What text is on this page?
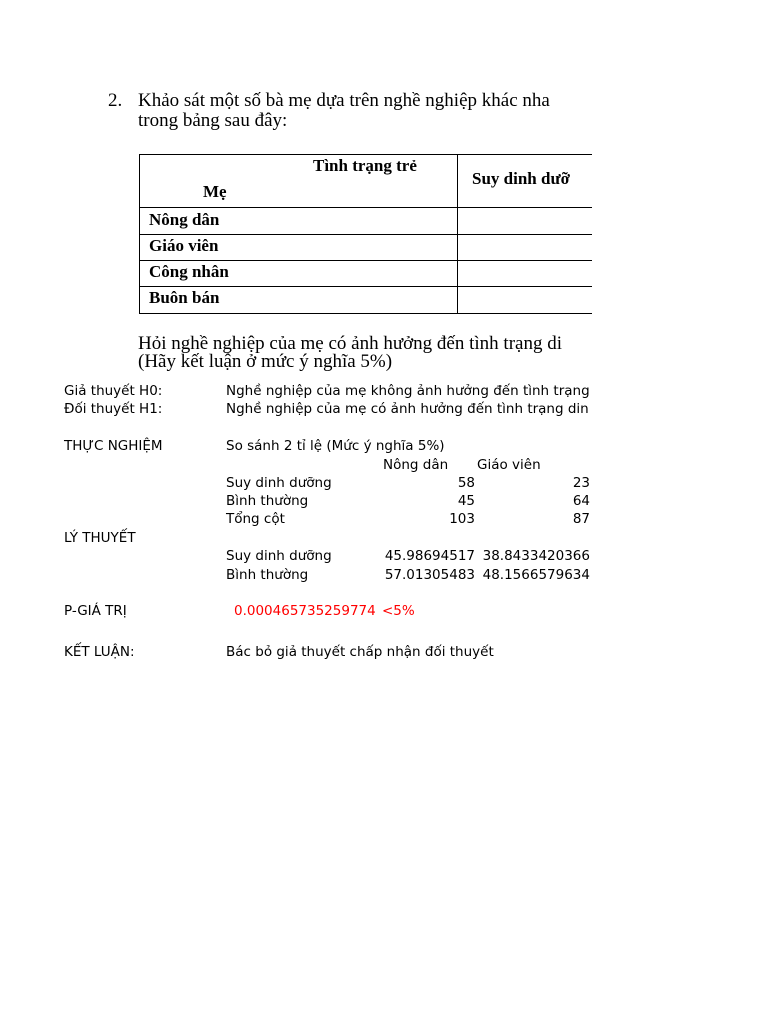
2. Khảo sát một số bà mẹ dựa trên nghề nghiệp khác nha
trong bảng sau đây:
Tình trạng trẻ
Mẹ
Suy dinh dưỡ
Nông dân
Giáo viên
Công nhân
Buôn bán
Hỏi nghề nghiệp của mẹ có ảnh hưởng đến tình trạng di
(Hãy kết luận ở mức ý nghĩa 5%)
Giả thuyết H0:	Nghề nghiệp của mẹ không ảnh hưởng đến tình trạng
Đối thuyết H1:	Nghề nghiệp của mẹ có ảnh hưởng đến tình trạng din
THỰC NGHIỆM	So sánh 2 tỉ lệ (Mức ý nghĩa 5%)
Nông dân Giáo viên
Suy dinh dưỡng	58	23
Bình thường	45	64
Tổng cột	103	87
LÝ THUYẾT
Suy dinh dưỡng	45.98694517 38.8433420366
Bình thường	57.01305483 48.1566579634
P-GIÁ TRỊ	0.000465735259774 <5%
KẾT LUẬN:	Bác bỏ giả thuyết chấp nhận đối thuyết
